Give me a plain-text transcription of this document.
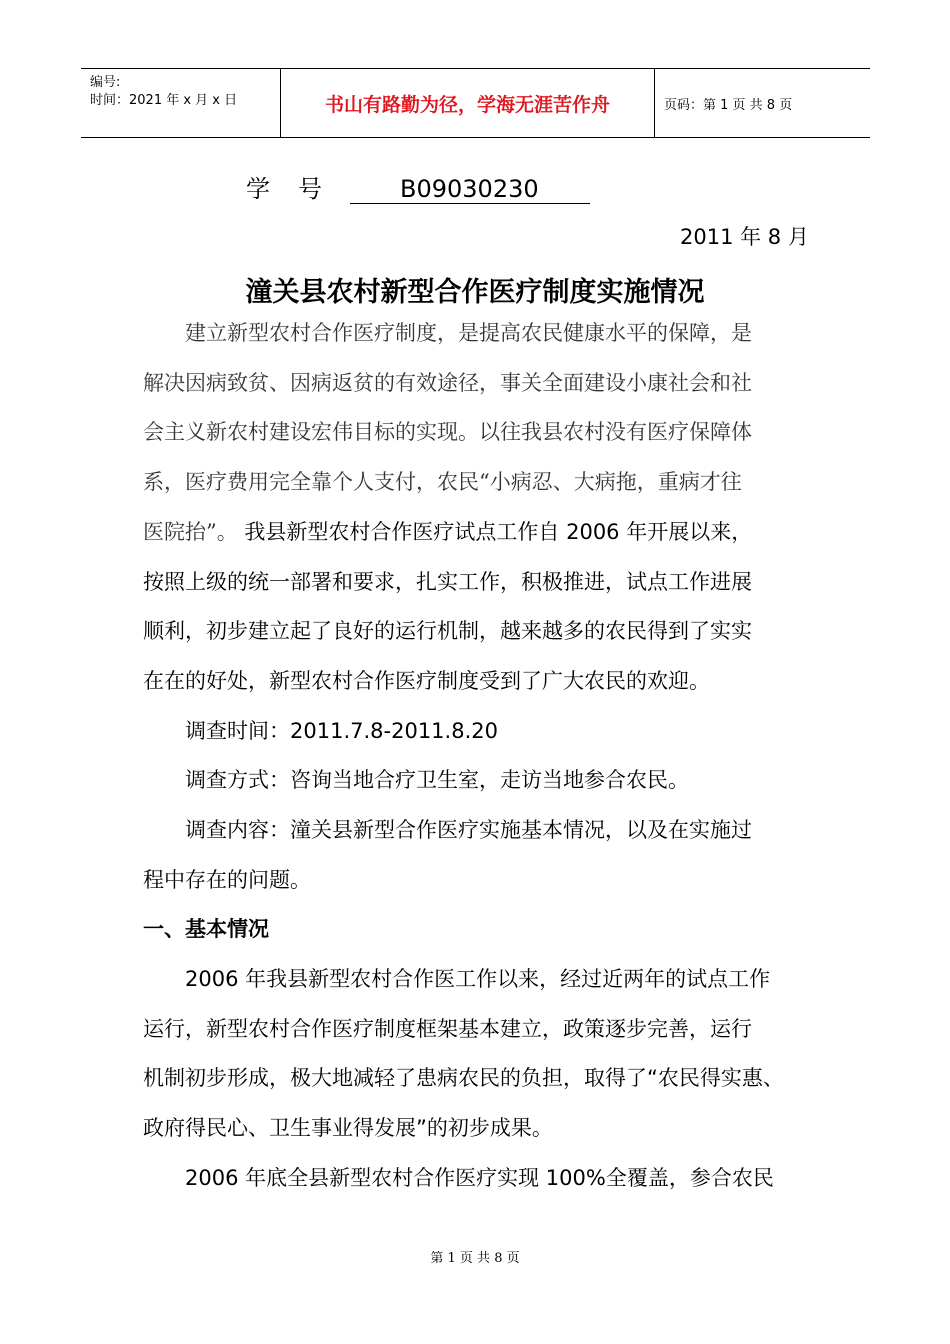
编号:
时间：2021 年 x 月 x 日	书山有路勤为径，学海无涯苦作舟	页码：第 1 页 共 8 页
学号 B09030230
2011 年 8 月
潼关县农村新型合作医疗制度实施情况

　　建立新型农村合作医疗制度，是提高农民健康水平的保障，是

解决因病致贫、因病返贫的有效途径，事关全面建设小康社会和社

会主义新农村建设宏伟目标的实现。以往我县农村没有医疗保障体

系，医疗费用完全靠个人支付，农民“小病忍、大病拖，重病才往

医院抬”。 我县新型农村合作医疗试点工作自 2006 年开展以来，

按照上级的统一部署和要求，扎实工作，积极推进，试点工作进展

顺利，初步建立起了良好的运行机制，越来越多的农民得到了实实

在在的好处，新型农村合作医疗制度受到了广大农民的欢迎。

　　调查时间：2011.7.8-2011.8.20

　　调查方式：咨询当地合疗卫生室，走访当地参合农民。

　　调查内容：潼关县新型合作医疗实施基本情况，以及在实施过

程中存在的问题。

一、基本情况

　　2006 年我县新型农村合作医工作以来，经过近两年的试点工作

运行，新型农村合作医疗制度框架基本建立，政策逐步完善，运行

机制初步形成，极大地减轻了患病农民的负担，取得了“农民得实惠、

政府得民心、卫生事业得发展”的初步成果。

　　2006 年底全县新型农村合作医疗实现 100%全覆盖，参合农民

第 1 页 共 8 页
